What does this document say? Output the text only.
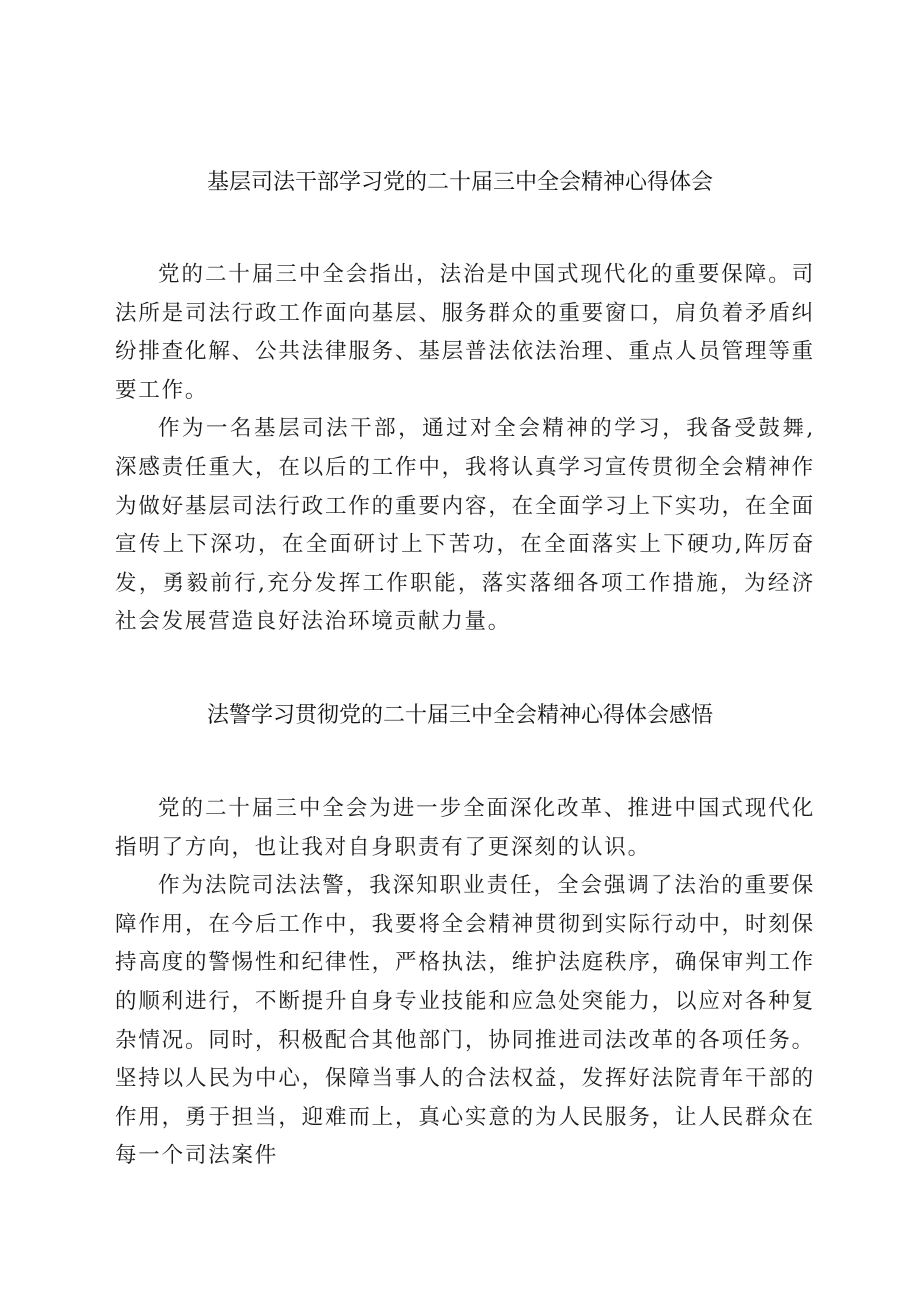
基层司法干部学习党的二十届三中全会精神心得体会

党的二十届三中全会指出，法治是中国式现代化的重要保障。司法所是司法行政工作面向基层、服务群众的重要窗口，肩负着矛盾纠纷排查化解、公共法律服务、基层普法依法治理、重点人员管理等重要工作。

作为一名基层司法干部，通过对全会精神的学习，我备受鼓舞,深感责任重大，在以后的工作中，我将认真学习宣传贯彻全会精神作为做好基层司法行政工作的重要内容，在全面学习上下实功，在全面宣传上下深功，在全面研讨上下苦功，在全面落实上下硬功,阵厉奋发，勇毅前行,充分发挥工作职能，落实落细各项工作措施，为经济社会发展营造良好法治环境贡献力量。

法警学习贯彻党的二十届三中全会精神心得体会感悟

党的二十届三中全会为进一步全面深化改革、推进中国式现代化指明了方向，也让我对自身职责有了更深刻的认识。

作为法院司法法警，我深知职业责任，全会强调了法治的重要保障作用，在今后工作中，我要将全会精神贯彻到实际行动中，时刻保持高度的警惕性和纪律性，严格执法，维护法庭秩序，确保审判工作的顺利进行，不断提升自身专业技能和应急处突能力，以应对各种复杂情况。同时，积极配合其他部门，协同推进司法改革的各项任务。坚持以人民为中心，保障当事人的合法权益，发挥好法院青年干部的作用，勇于担当，迎难而上，真心实意的为人民服务，让人民群众在每一个司法案件
